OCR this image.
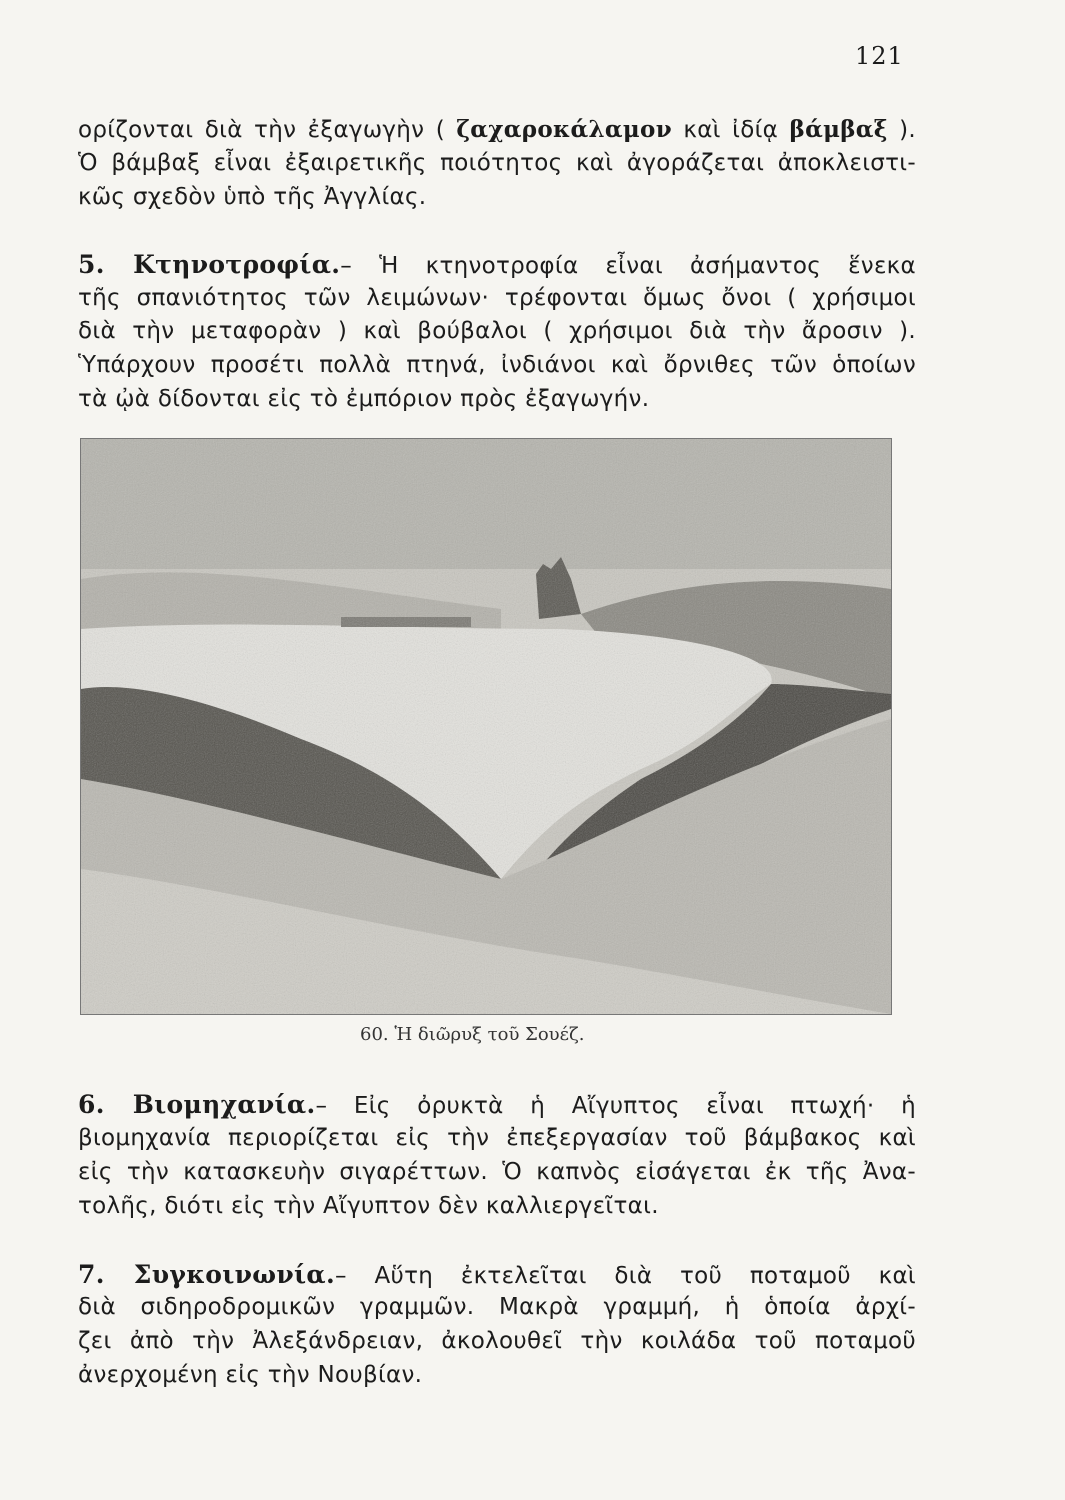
121
ορίζονται διὰ τὴν ἐξαγωγὴν ( ζαχαροκάλαμον καὶ ἰδίᾳ βάμβαξ ).
Ὁ βάμβαξ εἶναι ἐξαιρετικῆς ποιότητος καὶ ἀγοράζεται ἀποκλειστι-
κῶς σχεδὸν ὑπὸ τῆς Ἀγγλίας.
5. Κτηνοτροφία.– Ἡ κτηνοτροφία εἶναι ἀσήμαντος ἕνεκα
τῆς σπανιότητος τῶν λειμώνων· τρέφονται ὅμως ὄνοι ( χρήσιμοι
διὰ τὴν μεταφορὰν ) καὶ βούβαλοι ( χρήσιμοι διὰ τὴν ἄροσιν ).
Ὑπάρχουν προσέτι πολλὰ πτηνά, ἰνδιάνοι καὶ ὄρνιθες τῶν ὁποίων
τὰ ᾠὰ δίδονται εἰς τὸ ἐμπόριον πρὸς ἐξαγωγήν.
60. Ἡ διῶρυξ τοῦ Σουέζ.
6. Βιομηχανία.– Εἰς ὀρυκτὰ ἡ Αἴγυπτος εἶναι πτωχή· ἡ
βιομηχανία περιορίζεται εἰς τὴν ἐπεξεργασίαν τοῦ βάμβακος καὶ
εἰς τὴν κατασκευὴν σιγαρέττων. Ὁ καπνὸς εἰσάγεται ἐκ τῆς Ἀνα-
τολῆς, διότι εἰς τὴν Αἴγυπτον δὲν καλλιεργεῖται.
7. Συγκοινωνία.– Αὕτη ἐκτελεῖται διὰ τοῦ ποταμοῦ καὶ
διὰ σιδηροδρομικῶν γραμμῶν. Μακρὰ γραμμή, ἡ ὁποία ἀρχί-
ζει ἀπὸ τὴν Ἀλεξάνδρειαν, ἀκολουθεῖ τὴν κοιλάδα τοῦ ποταμοῦ
ἀνερχομένη εἰς τὴν Νουβίαν.
